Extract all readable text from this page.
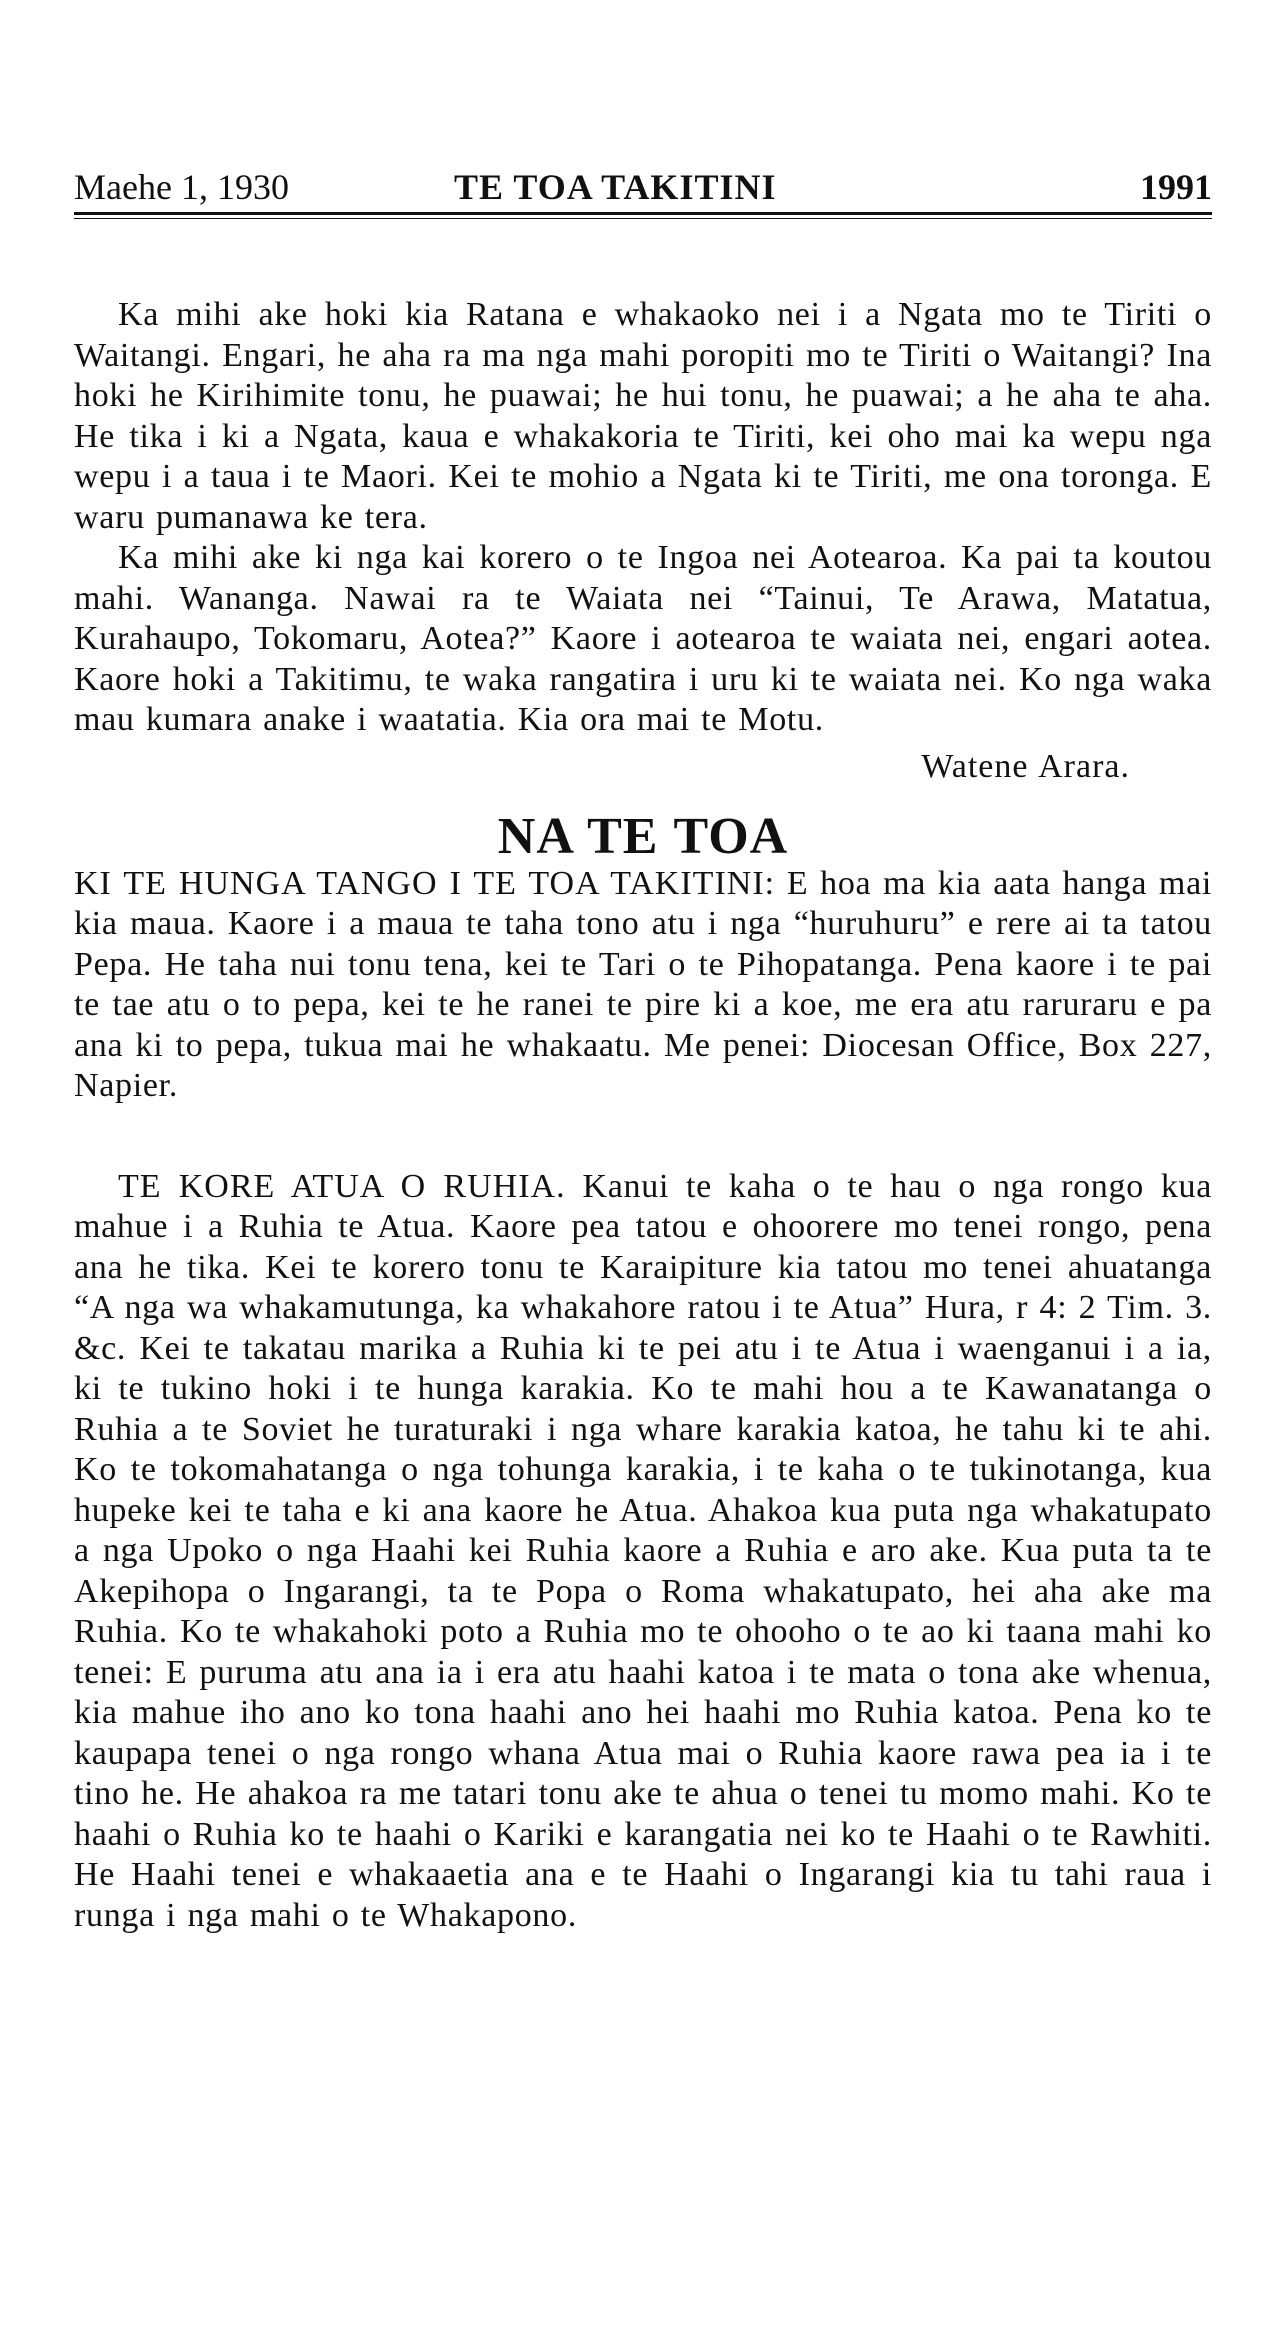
Maehe 1, 1930	TE TOA TAKITINI	1991

Ka mihi ake hoki kia Ratana e whakaoko nei i a Ngata mo te Tiriti o Waitangi. Engari, he aha ra ma nga mahi poropiti mo te Tiriti o Waitangi? Ina hoki he Kirihimite tonu, he puawai; he hui tonu, he puawai; a he aha te aha. He tika i ki a Ngata, kaua e whakakoria te Tiriti, kei oho mai ka wepu nga wepu i a taua i te Maori. Kei te mohio a Ngata ki te Tiriti, me ona toronga. E waru pumanawa ke tera.

Ka mihi ake ki nga kai korero o te Ingoa nei Aotearoa. Ka pai ta koutou mahi. Wananga. Nawai ra te Waiata nei “Tainui, Te Arawa, Matatua, Kurahaupo, Tokomaru, Aotea?” Kaore i aotearoa te waiata nei, engari aotea. Kaore hoki a Takitimu, te waka rangatira i uru ki te waiata nei. Ko nga waka mau kumara anake i waatatia. Kia ora mai te Motu.

Watene Arara.
NA TE TOA

KI TE HUNGA TANGO I TE TOA TAKITINI: E hoa ma kia aata hanga mai kia maua. Kaore i a maua te taha tono atu i nga “huruhuru” e rere ai ta tatou Pepa. He taha nui tonu tena, kei te Tari o te Pihopatanga. Pena kaore i te pai te tae atu o to pepa, kei te he ranei te pire ki a koe, me era atu raruraru e pa ana ki to pepa, tukua mai he whakaatu. Me penei: Diocesan Office, Box 227, Napier.

TE KORE ATUA O RUHIA. Kanui te kaha o te hau o nga rongo kua mahue i a Ruhia te Atua. Kaore pea tatou e ohoorere mo tenei rongo, pena ana he tika. Kei te korero tonu te Karaipiture kia tatou mo tenei ahuatanga “A nga wa whakamutunga, ka whakahore ratou i te Atua” Hura, r 4: 2 Tim. 3. &c. Kei te takatau marika a Ruhia ki te pei atu i te Atua i waenganui i a ia, ki te tukino hoki i te hunga karakia. Ko te mahi hou a te Kawanatanga o Ruhia a te Soviet he turaturaki i nga whare karakia katoa, he tahu ki te ahi. Ko te tokomahatanga o nga tohunga karakia, i te kaha o te tukinotanga, kua hupeke kei te taha e ki ana kaore he Atua. Ahakoa kua puta nga whakatupato a nga Upoko o nga Haahi kei Ruhia kaore a Ruhia e aro ake. Kua puta ta te Akepihopa o Ingarangi, ta te Popa o Roma whakatupato, hei aha ake ma Ruhia. Ko te whakahoki poto a Ruhia mo te ohooho o te ao ki taana mahi ko tenei: E puruma atu ana ia i era atu haahi katoa i te mata o tona ake whenua, kia mahue iho ano ko tona haahi ano hei haahi mo Ruhia katoa. Pena ko te kaupapa tenei o nga rongo whana Atua mai o Ruhia kaore rawa pea ia i te tino he. He ahakoa ra me tatari tonu ake te ahua o tenei tu momo mahi. Ko te haahi o Ruhia ko te haahi o Kariki e karangatia nei ko te Haahi o te Rawhiti. He Haahi tenei e whakaaetia ana e te Haahi o Ingarangi kia tu tahi raua i runga i nga mahi o te Whakapono.
